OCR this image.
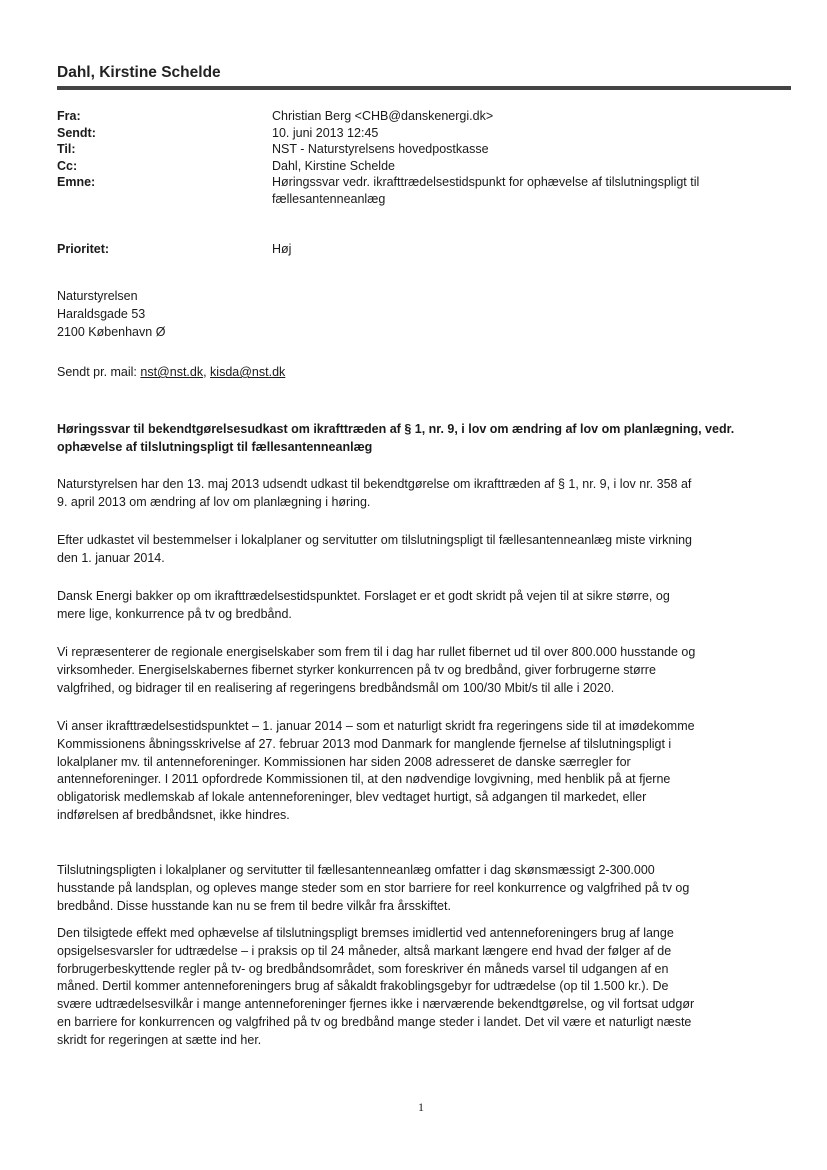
Dahl, Kirstine Schelde
Fra:	Christian Berg <CHB@danskenergi.dk>
Sendt:	10. juni 2013 12:45
Til:	NST - Naturstyrelsens hovedpostkasse
Cc:	Dahl, Kirstine Schelde
Emne:	Høringssvar vedr. ikrafttrædelsestidspunkt for ophævelse af tilslutningspligt til
fællesantenneanlæg
Prioritet:	Høj
Naturstyrelsen
Haraldsgade 53
2100 København Ø
Sendt pr. mail: nst@nst.dk, kisda@nst.dk
Høringssvar til bekendtgørelsesudkast om ikrafttræden af § 1, nr. 9, i lov om ændring af lov om planlægning, vedr.
ophævelse af tilslutningspligt til fællesantenneanlæg
Naturstyrelsen har den 13. maj 2013 udsendt udkast til bekendtgørelse om ikrafttræden af § 1, nr. 9, i lov nr. 358 af
9. april 2013 om ændring af lov om planlægning i høring.
Efter udkastet vil bestemmelser i lokalplaner og servitutter om tilslutningspligt til fællesantenneanlæg miste virkning
den 1. januar 2014.
Dansk Energi bakker op om ikrafttrædelsestidspunktet. Forslaget er et godt skridt på vejen til at sikre større, og
mere lige, konkurrence på tv og bredbånd.
Vi repræsenterer de regionale energiselskaber som frem til i dag har rullet fibernet ud til over 800.000 husstande og
virksomheder. Energiselskabernes fibernet styrker konkurrencen på tv og bredbånd, giver forbrugerne større
valgfrihed, og bidrager til en realisering af regeringens bredbåndsmål om 100/30 Mbit/s til alle i 2020.
Vi anser ikrafttrædelsestidspunktet – 1. januar 2014 – som et naturligt skridt fra regeringens side til at imødekomme
Kommissionens åbningsskrivelse af 27. februar 2013 mod Danmark for manglende fjernelse af tilslutningspligt i
lokalplaner mv. til antenneforeninger. Kommissionen har siden 2008 adresseret de danske særregler for
antenneforeninger. I 2011 opfordrede Kommissionen til, at den nødvendige lovgivning, med henblik på at fjerne
obligatorisk medlemskab af lokale antenneforeninger, blev vedtaget hurtigt, så adgangen til markedet, eller
indførelsen af bredbåndsnet, ikke hindres.
Tilslutningspligten i lokalplaner og servitutter til fællesantenneanlæg omfatter i dag skønsmæssigt 2-300.000
husstande på landsplan, og opleves mange steder som en stor barriere for reel konkurrence og valgfrihed på tv og
bredbånd. Disse husstande kan nu se frem til bedre vilkår fra årsskiftet.
Den tilsigtede effekt med ophævelse af tilslutningspligt bremses imidlertid ved antenneforeningers brug af lange
opsigelsesvarsler for udtrædelse – i praksis op til 24 måneder, altså markant længere end hvad der følger af de
forbrugerbeskyttende regler på tv- og bredbåndsområdet, som foreskriver én måneds varsel til udgangen af en
måned. Dertil kommer antenneforeningers brug af såkaldt frakoblingsgebyr for udtrædelse (op til 1.500 kr.). De
svære udtrædelsesvilkår i mange antenneforeninger fjernes ikke i nærværende bekendtgørelse, og vil fortsat udgør
en barriere for konkurrencen og valgfrihed på tv og bredbånd mange steder i landet. Det vil være et naturligt næste
skridt for regeringen at sætte ind her.
1
